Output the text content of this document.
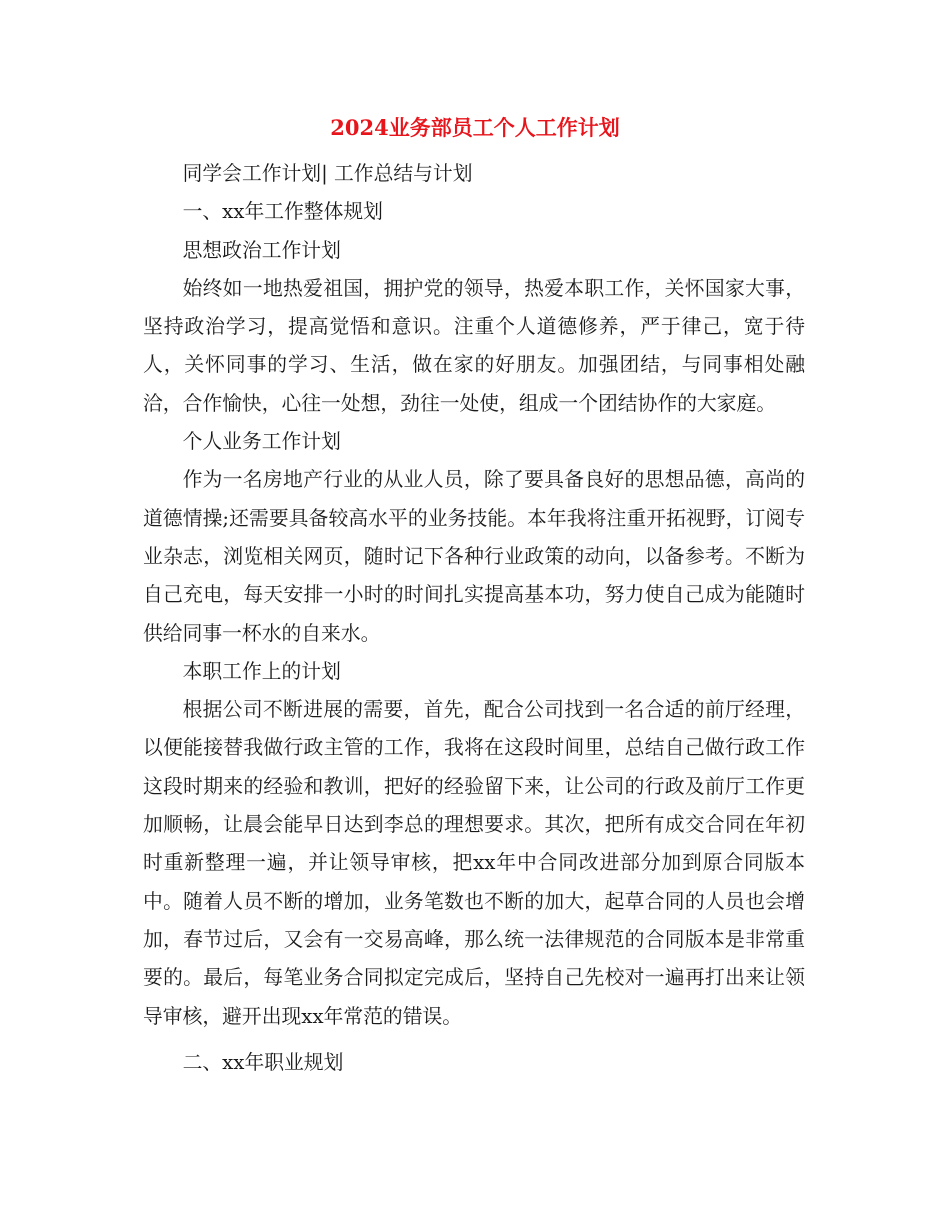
2024业务部员工个人工作计划

同学会工作计划| 工作总结与计划

一、xx年工作整体规划

思想政治工作计划

始终如一地热爱祖国，拥护党的领导，热爱本职工作，关怀国家大事，坚持政治学习，提高觉悟和意识。注重个人道德修养，严于律己，宽于待人，关怀同事的学习、生活，做在家的好朋友。加强团结，与同事相处融洽，合作愉快，心往一处想，劲往一处使，组成一个团结协作的大家庭。

个人业务工作计划

作为一名房地产行业的从业人员，除了要具备良好的思想品德，高尚的道德情操;还需要具备较高水平的业务技能。本年我将注重开拓视野，订阅专业杂志，浏览相关网页，随时记下各种行业政策的动向，以备参考。不断为自己充电，每天安排一小时的时间扎实提高基本功，努力使自己成为能随时供给同事一杯水的自来水。

本职工作上的计划

根据公司不断进展的需要，首先，配合公司找到一名合适的前厅经理，以便能接替我做行政主管的工作，我将在这段时间里，总结自己做行政工作这段时期来的经验和教训，把好的经验留下来，让公司的行政及前厅工作更加顺畅，让晨会能早日达到李总的理想要求。其次，把所有成交合同在年初时重新整理一遍，并让领导审核，把xx年中合同改进部分加到原合同版本中。随着人员不断的增加，业务笔数也不断的加大，起草合同的人员也会增加，春节过后，又会有一交易高峰，那么统一法律规范的合同版本是非常重要的。最后，每笔业务合同拟定完成后，坚持自己先校对一遍再打出来让领导审核，避开出现xx年常范的错误。

二、xx年职业规划
